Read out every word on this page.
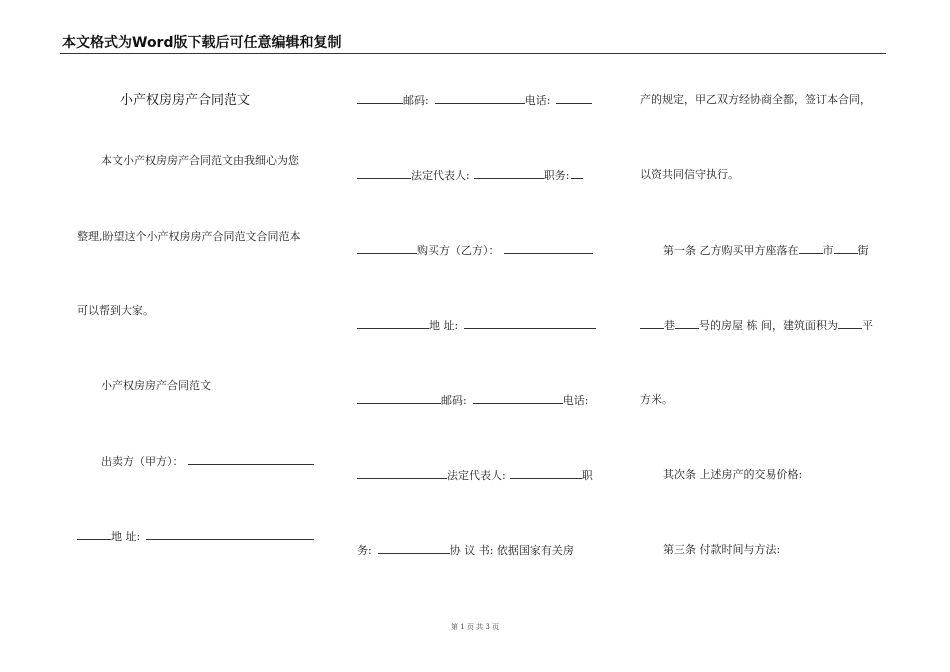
本文格式为Word版下载后可任意编辑和复制
小产权房房产合同范文
本文小产权房房产合同范文由我细心为您
整理,盼望这个小产权房房产合同范文合同范本
可以帮到大家。
小产权房房产合同范文
出卖方（甲方）：
地 址:
邮码:	电话:
法定代表人:	职务:
购买方（乙方）：
地 址:
邮码:	电话:
法定代表人:	职
务:	协 议 书: 依据国家有关房
产的规定，甲乙双方经协商全都，签订本合同，
以资共同信守执行。
第一条 乙方购买甲方座落在 市 街
巷 号的房屋 栋 间，建筑面积为 平
方米。
其次条 上述房产的交易价格:
第三条 付款时间与方法:
第 1 页 共 3 页
